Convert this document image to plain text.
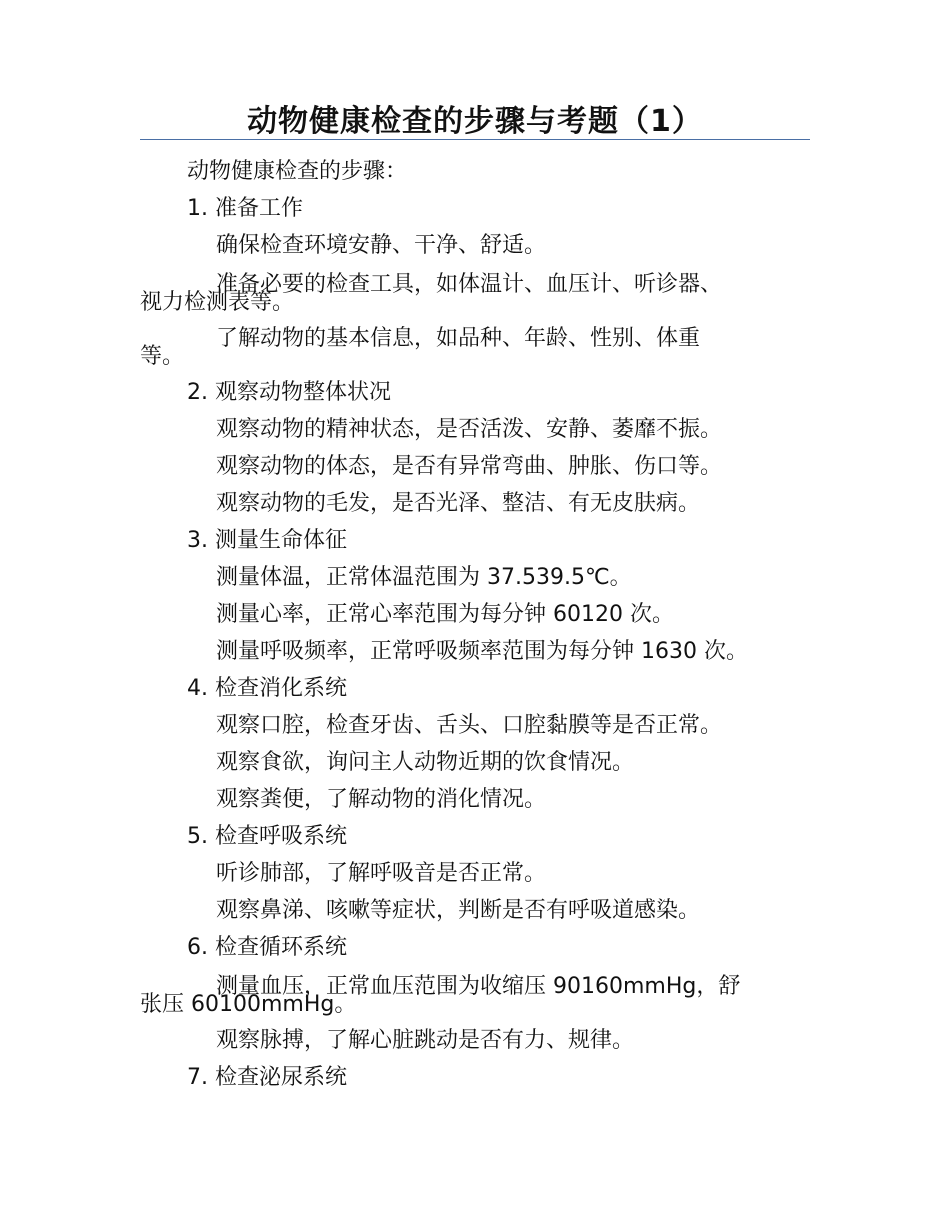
动物健康检查的步骤与考题（1）

动物健康检查的步骤：

1. 准备工作

确保检查环境安静、干净、舒适。

准备必要的检查工具，如体温计、血压计、听诊器、
视力检测表等。
了解动物的基本信息，如品种、年龄、性别、体重
等。

2. 观察动物整体状况

观察动物的精神状态，是否活泼、安静、萎靡不振。

观察动物的体态，是否有异常弯曲、肿胀、伤口等。

观察动物的毛发，是否光泽、整洁、有无皮肤病。

3. 测量生命体征

测量体温，正常体温范围为 37.539.5℃。

测量心率，正常心率范围为每分钟 60120 次。

测量呼吸频率，正常呼吸频率范围为每分钟 1630 次。

4. 检查消化系统

观察口腔，检查牙齿、舌头、口腔黏膜等是否正常。

观察食欲，询问主人动物近期的饮食情况。

观察粪便，了解动物的消化情况。

5. 检查呼吸系统

听诊肺部，了解呼吸音是否正常。

观察鼻涕、咳嗽等症状，判断是否有呼吸道感染。

6. 检查循环系统

测量血压，正常血压范围为收缩压 90160mmHg，舒
张压 60100mmHg。

观察脉搏，了解心脏跳动是否有力、规律。

7. 检查泌尿系统
